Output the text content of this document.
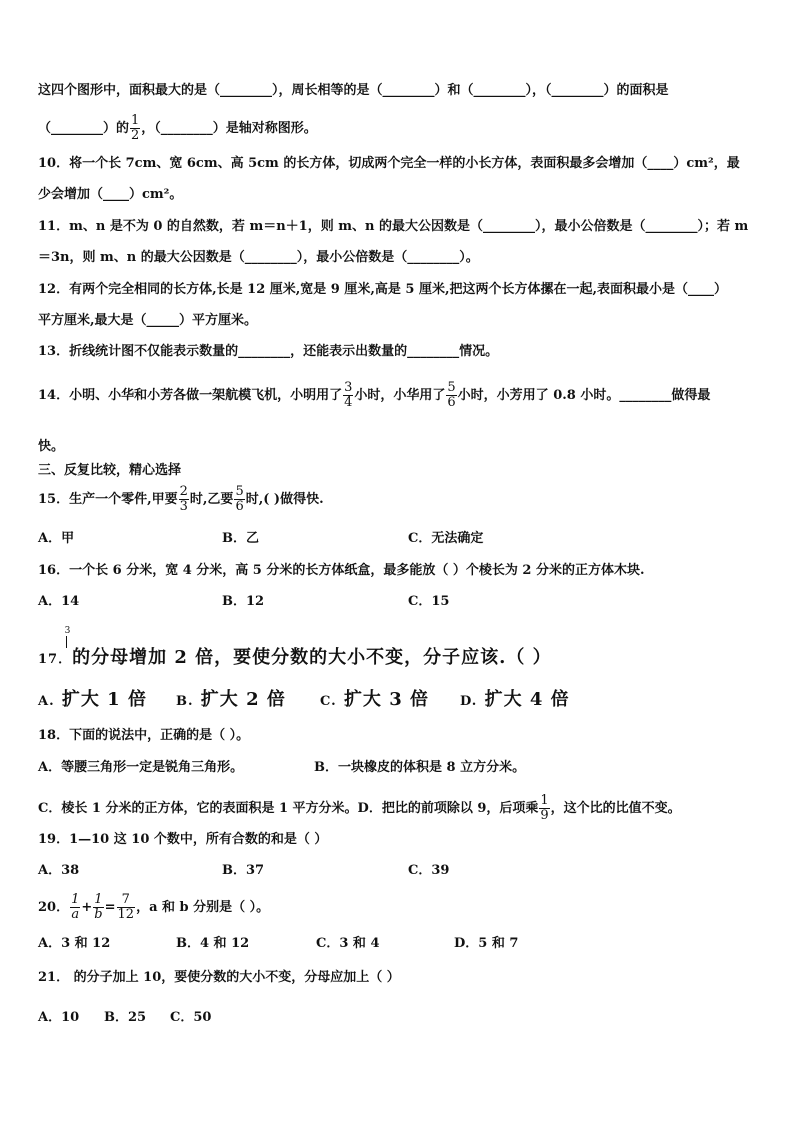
这四个图形中，面积最大的是（________），周长相等的是（________）和（________），（________）的面积是
（________）的 $\frac{1}{2}$ ，（________）是轴对称图形。
10．将一个长 7cm、宽 6cm、高 5cm 的长方体，切成两个完全一样的小长方体，表面积最多会增加（____）cm²，最
少会增加（____）cm²。
11．m、n 是不为 0 的自然数，若 m＝n＋1，则 m、n 的最大公因数是（________），最小公倍数是（________）；若 m
＝3n，则 m、n 的最大公因数是（________），最小公倍数是（________）。
12．有两个完全相同的长方体,长是 12 厘米,宽是 9 厘米,高是 5 厘米,把这两个长方体摞在一起,表面积最小是（____）
平方厘米,最大是（_____）平方厘米。
13．折线统计图不仅能表示数量的________，还能表示出数量的________情况。
14．小明、小华和小芳各做一架航模飞机，小明用了 $\frac{3}{4}$ 小时，小华用了 $\frac{5}{6}$ 小时，小芳用了 0.8 小时。________做得最
快。
三、反复比较，精心选择
15．生产一个零件,甲要 $\frac{2}{3}$ 时,乙要 $\frac{5}{6}$ 时,( )做得快.
A．甲	B．乙	C．无法确定
16．一个长 6 分米，宽 4 分米，高 5 分米的长方体纸盒，最多能放（ ）个棱长为 2 分米的正方体木块.
A．14	B．12	C．15
3
17．的分母增加 2 倍，要使分数的大小不变，分子应该.（ ）
A. 扩大 1 倍 B. 扩大 2 倍	C. 扩大 3 倍 D. 扩大 4 倍
18．下面的说法中，正确的是（ ）。
A．等腰三角形一定是锐角三角形。	B．一块橡皮的体积是 8 立方分米。
C．棱长 1 分米的正方体，它的表面积是 1 平方分米。D．把比的前项除以 9，后项乘 $\frac{1}{9}$ ，这个比的比值不变。
19．1—10 这 10 个数中，所有合数的和是（ ）
A．38	B．37	C．39
20． $\frac{1}{a} + \frac{1}{b} = \frac{7}{12}$ ，a 和 b 分别是（ ）。
A．3 和 12	B．4 和 12	C．3 和 4	D．5 和 7
21． 的分子加上 10，要使分数的大小不变，分母应加上（ ）
A．10 B．25 C．50
